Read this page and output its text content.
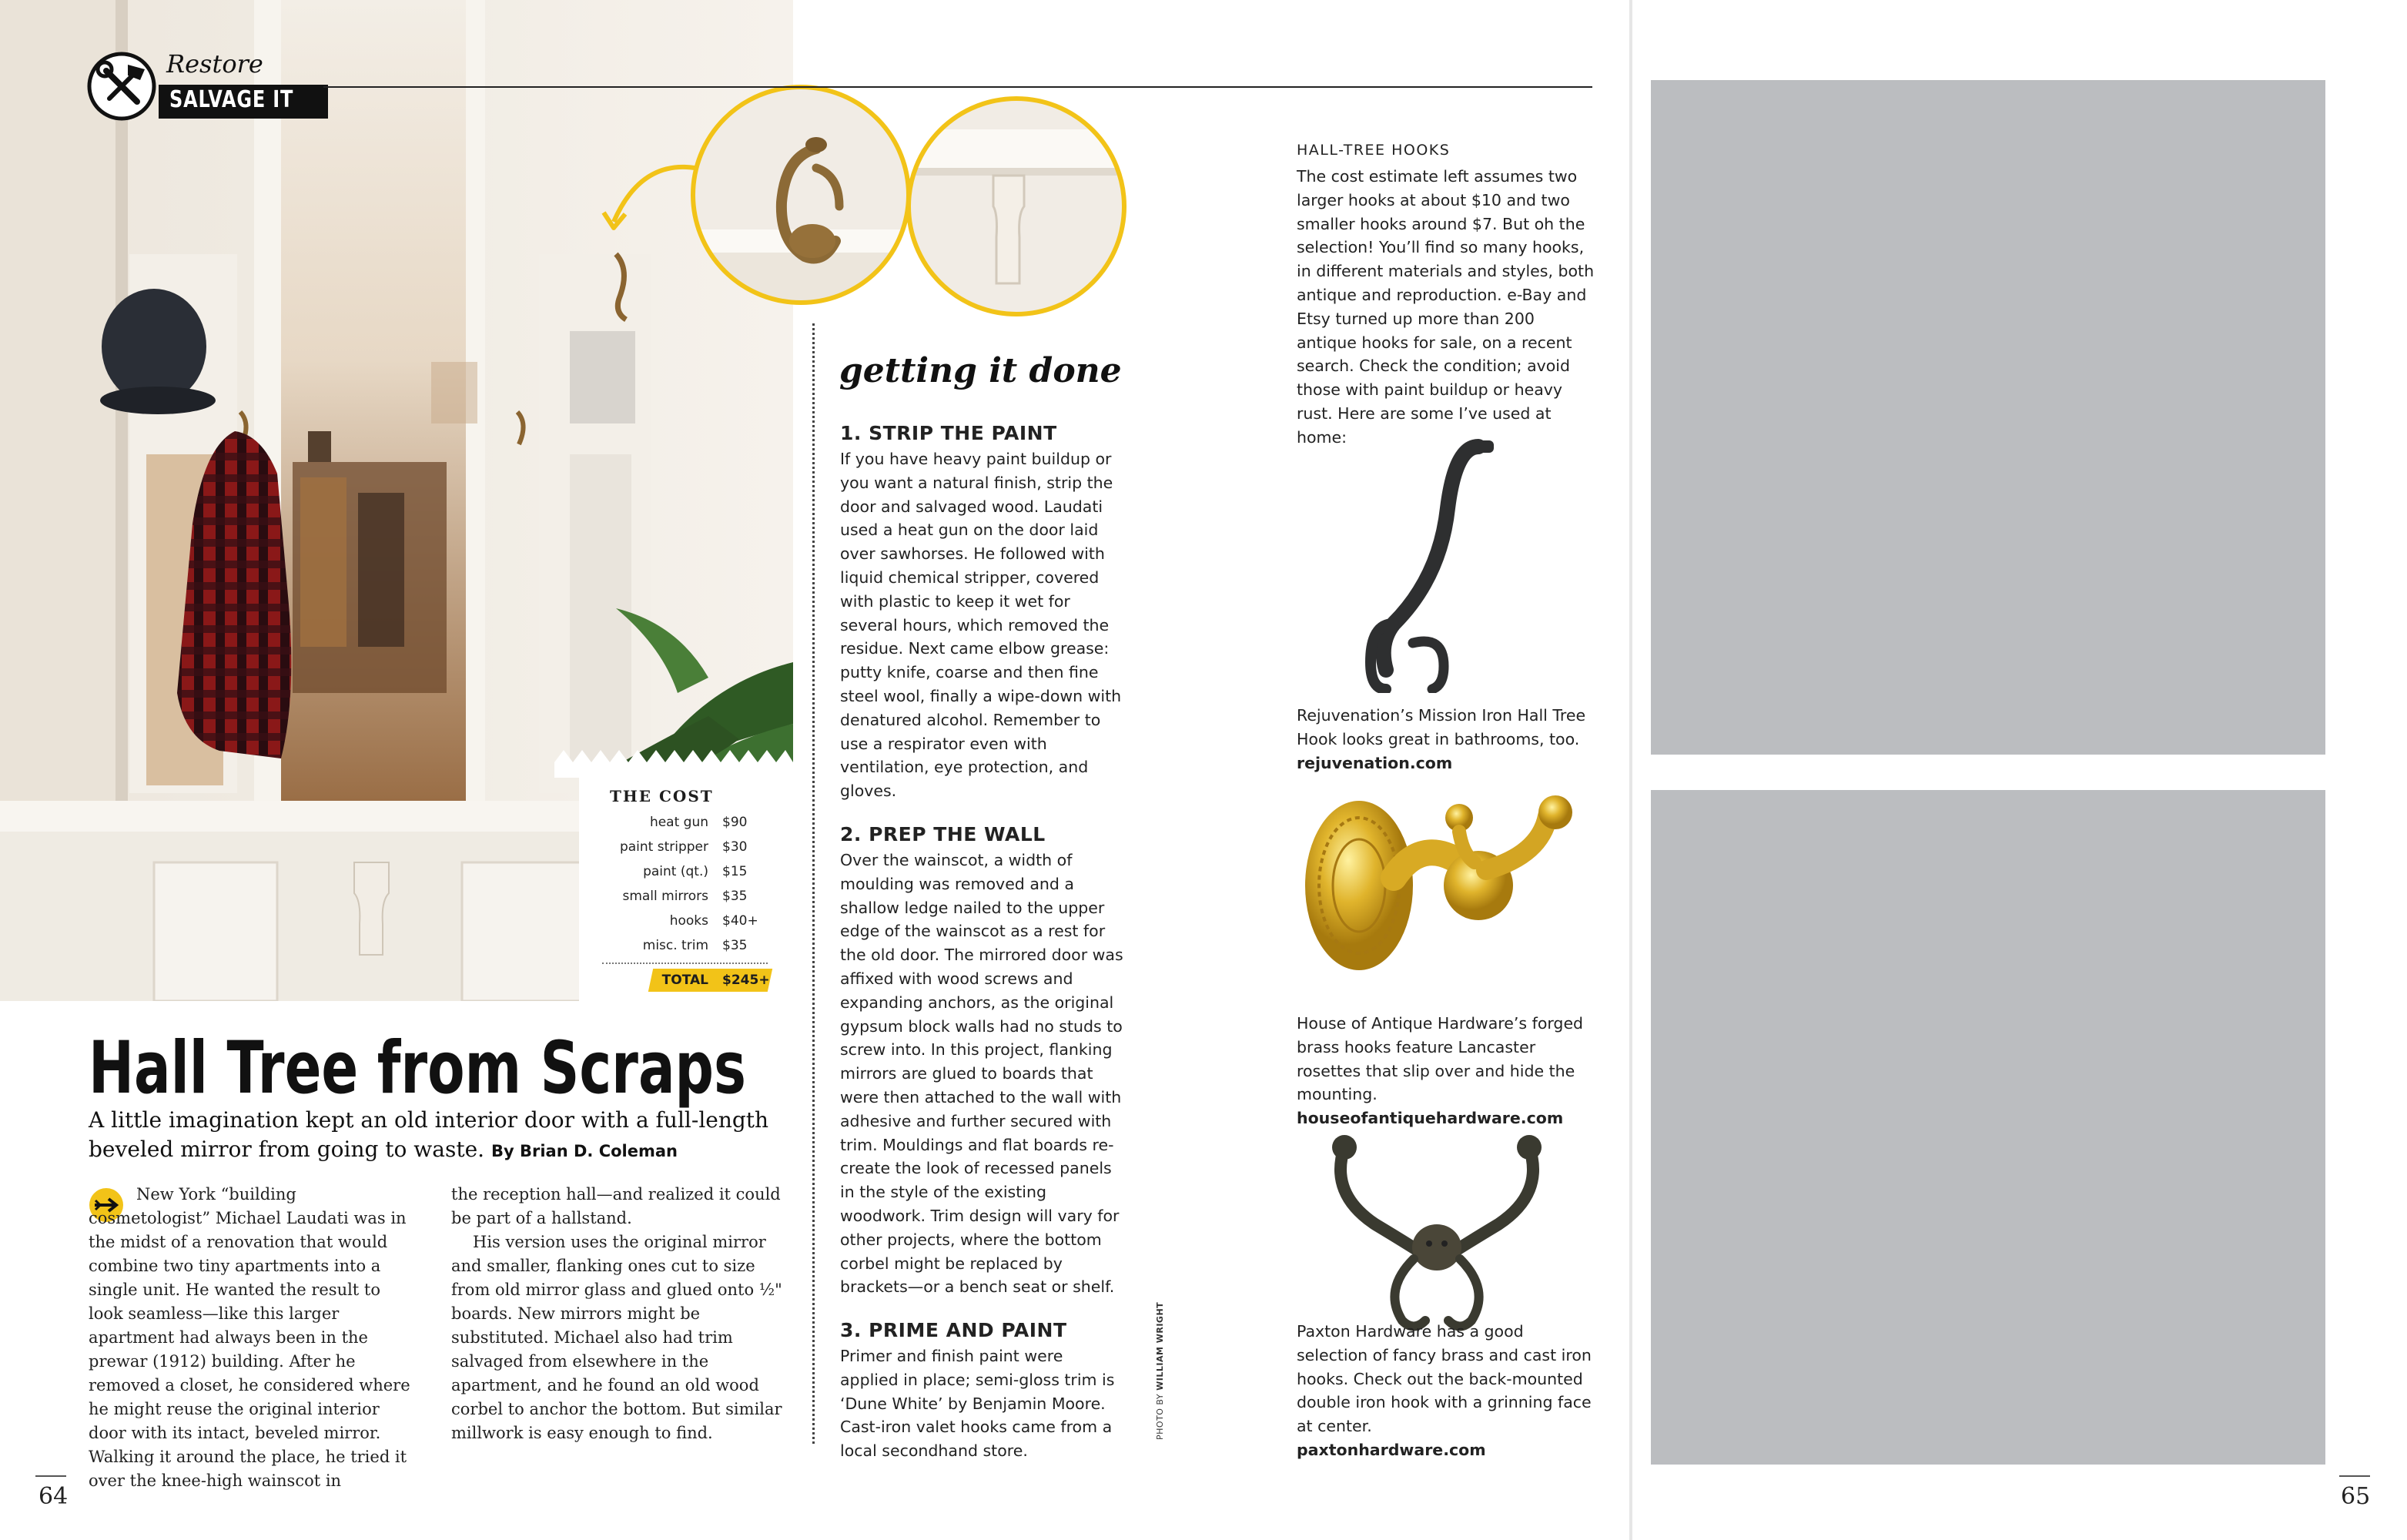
THE COST
heat gun	$90
paint stripper	$30
paint (qt.)	$15
small mirrors	$35
hooks	$40+
misc. trim	$35
TOTAL	$245+
Restore
SALVAGE IT
Hall Tree from Scraps
A little imagination kept an old interior door with a full-length beveled mirror from going to waste. By Brian D. Coleman

New York “building cosmetologist” Michael Laudati was in the midst of a renovation that would combine two tiny apartments into a single unit. He wanted the result to look seamless—like this larger apartment had always been in the prewar (1912) building. After he removed a closet, he considered where he might reuse the original interior door with its intact, beveled mirror. Walking it around the place, he tried it over the knee-high wainscot in

the reception hall—and realized it could be part of a hallstand.

His version uses the original mirror and smaller, flanking ones cut to size from old mirror glass and glued onto ½" boards. New mirrors might be substituted. Michael also had trim salvaged from elsewhere in the apartment, and he found an old wood corbel to anchor the bottom. But similar millwork is easy enough to find.

getting it done
1. STRIP THE PAINT

If you have heavy paint buildup or you want a natural finish, strip the door and salvaged wood. Laudati used a heat gun on the door laid over sawhorses. He followed with liquid chemical stripper, covered with plastic to keep it wet for several hours, which removed the residue. Next came elbow grease: putty knife, coarse and then fine steel wool, finally a wipe-down with denatured alcohol. Remember to use a respirator even with ventilation, eye protection, and gloves.

2. PREP THE WALL

Over the wainscot, a width of moulding was removed and a shallow ledge nailed to the upper edge of the wainscot as a rest for the old door. The mirrored door was affixed with wood screws and expanding anchors, as the original gypsum block walls had no studs to screw into. In this project, flanking mirrors are glued to boards that were then attached to the wall with adhesive and further secured with trim. Mouldings and flat boards re-create the look of recessed panels in the style of the existing woodwork. Trim design will vary for other projects, where the bottom corbel might be replaced by brackets—or a bench seat or shelf.

3. PRIME AND PAINT

Primer and finish paint were applied in place; semi-gloss trim is ‘Dune White’ by Benjamin Moore. Cast-iron valet hooks came from a local secondhand store.

PHOTO BY WILLIAM WRIGHT
HALL-TREE HOOKS

The cost estimate left assumes two larger hooks at about $10 and two smaller hooks around $7. But oh the selection! You’ll find so many hooks, in different materials and styles, both antique and reproduction. e-Bay and Etsy turned up more than 200 antique hooks for sale, on a recent search. Check the condition; avoid those with paint buildup or heavy rust. Here are some I’ve used at home:

Rejuvenation’s Mission Iron Hall Tree Hook looks great in bathrooms, too.
rejuvenation.com

House of Antique Hardware’s forged brass hooks feature Lancaster rosettes that slip over and hide the mounting.
houseofantiquehardware.com

Paxton Hardware has a good selection of fancy brass and cast iron hooks. Check out the back-mounted double iron hook with a grinning face at center.
paxtonhardware.com

64	65
